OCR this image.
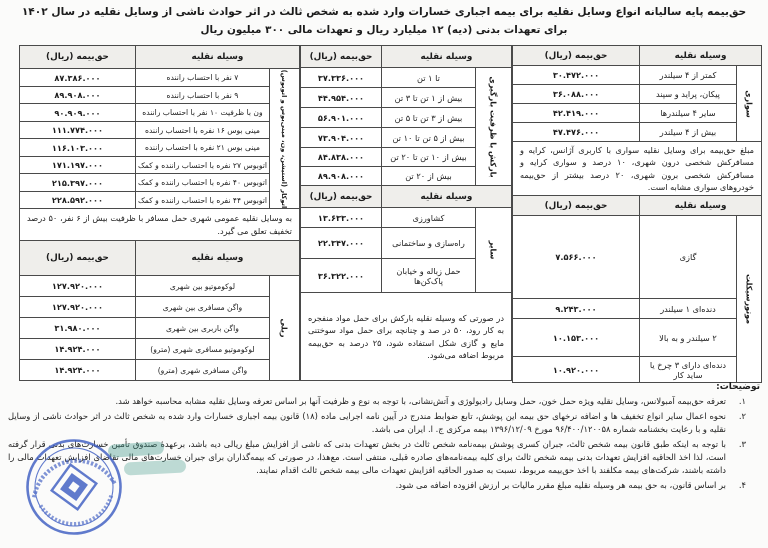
حق‌بیمه پایه سالیانه انواع وسایل نقلیه برای بیمه اجباری خسارات وارد شده به شخص ثالث در اثر حوادث ناشی از وسایل نقلیه در سال ۱۴۰۲
برای تعهدات بدنی (دیه) ۱۲ میلیارد ریال و تعهدات مالی ۳۰۰ میلیون ریال
وسیله نقلیه		حق‌بیمه (ریال)

سواری	کمتر از ۴ سیلندر	۳۰.۴۷۲.۰۰۰
	پیکان، پراید و سپند	۳۶.۰۸۸.۰۰۰
	سایر ۴ سیلندرها	۴۲.۴۱۹.۰۰۰
	بیش از ۴ سیلندر	۴۷.۴۷۶.۰۰۰
مبلغ حق‌بیمه برای وسایل نقلیه سواری با کاربری آژانس، کرایه و مسافرکش شخصی درون شهری، ۱۰ درصد و سواری کرایه و مسافرکش شخصی برون شهری، ۲۰ درصد بیشتر از حق‌بیمه خودروهای سواری مشابه است.		
وسیله نقلیه		حق‌بیمه (ریال)

موتورسیکلت	گازی	۷.۵۶۶.۰۰۰
	دنده‌ای ۱ سیلندر	۹.۲۴۳.۰۰۰
	۲ سیلندر و به بالا	۱۰.۱۵۳.۰۰۰
	دنده‌ای دارای ۳ چرخ یا ساید کار	۱۰.۹۲۰.۰۰۰
وسیله نقلیه		حق‌بیمه (ریال)

بارکش با ظرفیت بارگیری	تا ۱ تن	۳۷.۳۳۶.۰۰۰
	بیش از ۱ تن تا ۳ تن	۴۴.۹۵۴.۰۰۰
	بیش از ۳ تن تا ۵ تن	۵۶.۹۰۱.۰۰۰
	بیش از ۵ تن تا ۱۰ تن	۷۳.۹۰۴.۰۰۰
	بیش از ۱۰ تن تا ۲۰ تن	۸۴.۸۳۸.۰۰۰
	بیش از ۲۰ تن	۸۹.۹۰۸.۰۰۰
وسیله نقلیه		حق‌بیمه (ریال)

سایر	کشاورزی	۱۳.۶۳۳.۰۰۰
	راه‌سازی و ساختمانی	۲۲.۳۴۷.۰۰۰
	حمل زباله و خیابان پاک‌کن‌ها	۳۶.۳۲۲.۰۰۰
در صورتی که وسیله نقلیه بارکش برای حمل مواد منفجره به کار رود، ۵۰ در صد و چنانچه برای حمل مواد سوختنی مایع و گازی شکل استفاده شود، ۲۵ درصد به حق‌بیمه مربوط اضافه می‌شود.		
وسیله نقلیه		حق‌بیمه (ریال)

اتوکار (استیشن، ون، مینی‌بوس و اتوبوس)	۷ نفر با احتساب راننده	۸۷.۳۸۶.۰۰۰
	۹ نفر با احتساب راننده	۸۹.۹۰۸.۰۰۰
	ون با ظرفیت ۱۰ نفر با احتساب راننده	۹۰.۹۰۹.۰۰۰
	مینی بوس ۱۶ نفره با احتساب راننده	۱۱۱.۷۷۴.۰۰۰
	مینی بوس ۲۱ نفره با احتساب راننده	۱۱۶.۱۰۳.۰۰۰
	اتوبوس ۲۷ نفره با احتساب راننده و کمک	۱۷۱.۱۹۷.۰۰۰
	اتوبوس ۴۰ نفره با احتساب راننده و کمک	۲۱۵.۳۹۷.۰۰۰
	اتوبوس ۴۴ نفره با احتساب راننده و کمک	۲۲۸.۵۹۲.۰۰۰
به وسایل نقلیه عمومی شهری حمل مسافر با ظرفیت بیش از ۶ نفر، ۵۰ درصد تخفیف تعلق می گیرد.		
وسیله نقلیه		حق‌بیمه (ریال)

ریلی	لوکوموتیو بین شهری	۱۲۷.۹۲۰.۰۰۰
	واگن مسافری بین شهری	۱۲۷.۹۲۰.۰۰۰
	واگن باربری بین شهری	۳۱.۹۸۰.۰۰۰
	لوکوموتیو مسافری شهری (مترو)	۱۴.۹۲۴.۰۰۰
	واگن مسافری شهری (مترو)	۱۴.۹۲۴.۰۰۰
توضیحات:
۱.
تعرفه حق‌بیمه آمبولانس، وسایل نقلیه ویژه حمل خون، حمل وسایل رادیولوژی و آتش‌نشانی، با توجه به نوع و ظرفیت آنها بر اساس تعرفه وسایل نقلیه مشابه محاسبه خواهد شد.
۲.
نحوه اعمال سایر انواع تخفیف ها و اضافه نرخهای حق بیمه این پوشش، تابع ضوابط مندرج در آیین نامه اجرایی ماده (۱۸) قانون بیمه اجباری خسارات وارد شده به شخص ثالث در اثر حوادث ناشی از وسایل نقلیه و با رعایت بخشنامه شماره ۹۶/۴۰۰/۱۲۰۰۵۸ مورخ ۱۳۹۶/۱۲/۰۹ بیمه مرکزی ج. ا. ایران می باشد.
۳.
با توجه به اینکه طبق قانون بیمه شخص ثالث، جبران کسری پوشش بیمه‌نامه شخص ثالث در بخش تعهدات بدنی که ناشی از افزایش مبلغ ریالی دیه باشد، برعهدهٔ صندوق تأمین خسارت‌های بدنی قرار گرفته است، لذا اخذ الحاقیه افزایش تعهدات بدنی بیمه شخص ثالث برای کلیه بیمه‌نامه‌های صادره قبلی، منتفی است. مع‌هذا، در صورتی که بیمه‌گذاران برای جبران خسارت‌های مالی تقاضای افزایش تعهدات مالی را داشته باشند، شرکت‌های بیمه مکلفند با اخذ حق‌بیمه مربوط، نسبت به صدور الحاقیه افزایش تعهدات مالی بیمه شخص ثالث اقدام نمایند.
۴.
بر اساس قانون، به حق بیمه هر وسیله نقلیه مبلغ مقرر مالیات بر ارزش افزوده اضافه می شود.
